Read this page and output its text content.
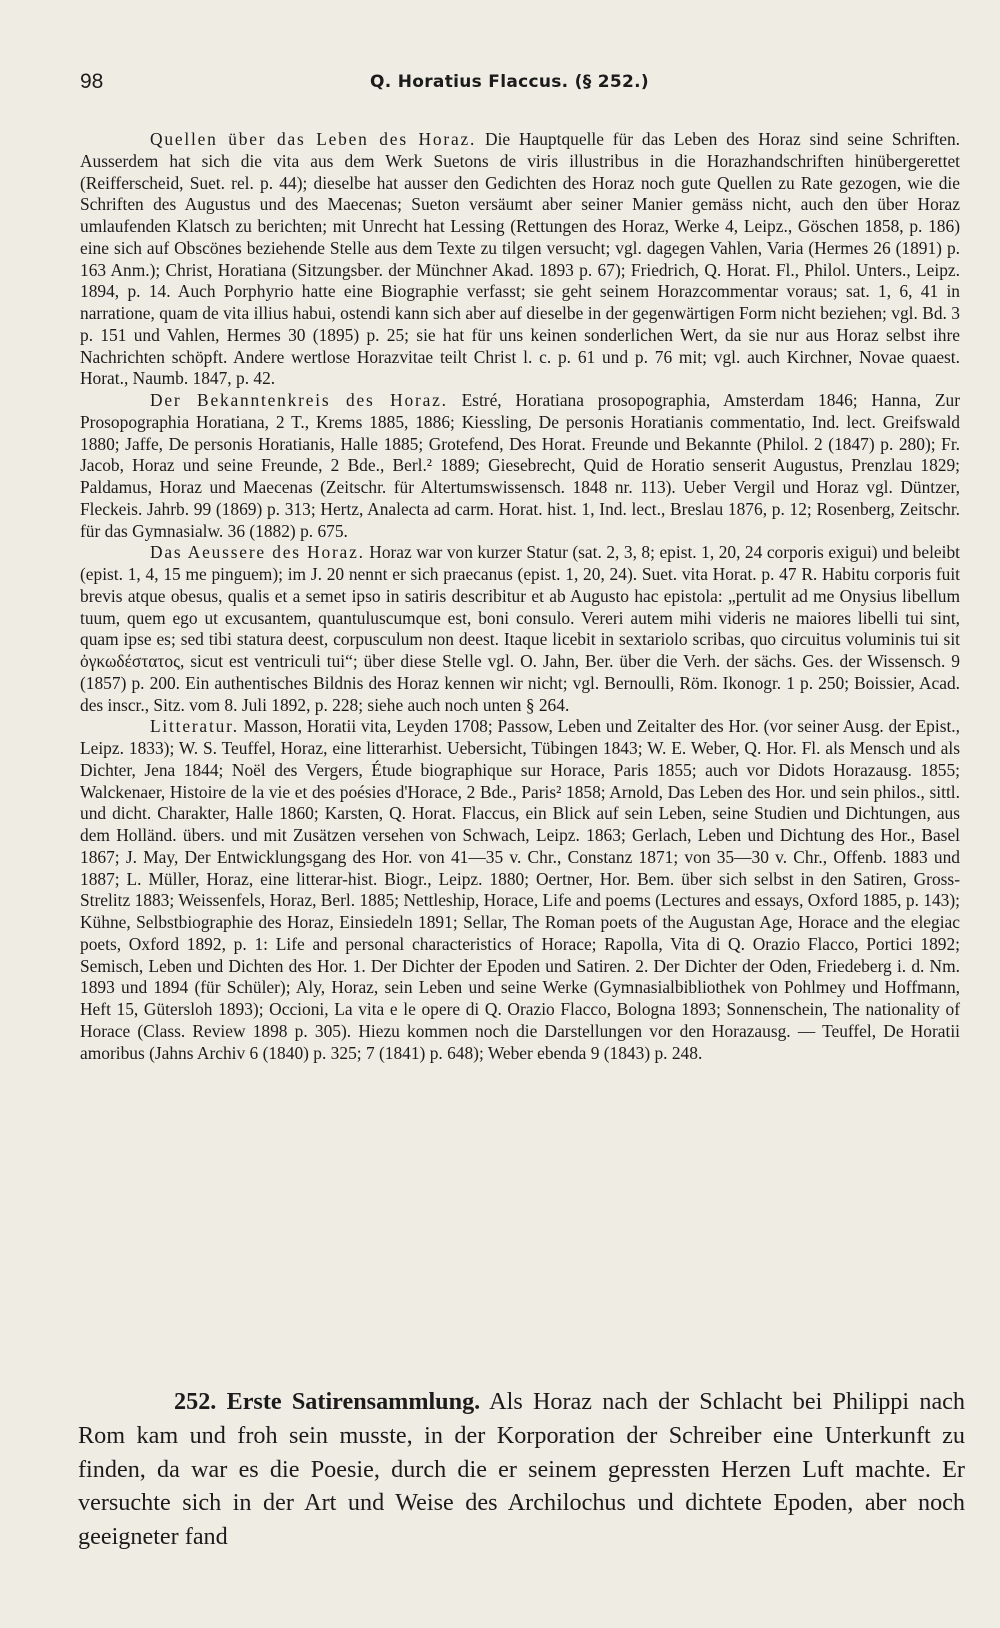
98	Q. Horatius Flaccus. (§ 252.)

Quellen über das Leben des Horaz. Die Hauptquelle für das Leben des Horaz sind seine Schriften. Ausserdem hat sich die vita aus dem Werk Suetons de viris illustribus in die Horazhandschriften hinübergerettet (Reifferscheid, Suet. rel. p. 44); dieselbe hat ausser den Gedichten des Horaz noch gute Quellen zu Rate gezogen, wie die Schriften des Augustus und des Maecenas; Sueton versäumt aber seiner Manier gemäss nicht, auch den über Horaz umlaufenden Klatsch zu berichten; mit Unrecht hat Lessing (Rettungen des Horaz, Werke 4, Leipz., Göschen 1858, p. 186) eine sich auf Obscönes beziehende Stelle aus dem Texte zu tilgen versucht; vgl. dagegen Vahlen, Varia (Hermes 26 (1891) p. 163 Anm.); Christ, Horatiana (Sitzungsber. der Münchner Akad. 1893 p. 67); Friedrich, Q. Horat. Fl., Philol. Unters., Leipz. 1894, p. 14. Auch Porphyrio hatte eine Biographie verfasst; sie geht seinem Horazcommentar voraus; sat. 1, 6, 41 in narratione, quam de vita illius habui, ostendi kann sich aber auf dieselbe in der gegenwärtigen Form nicht beziehen; vgl. Bd. 3 p. 151 und Vahlen, Hermes 30 (1895) p. 25; sie hat für uns keinen sonderlichen Wert, da sie nur aus Horaz selbst ihre Nachrichten schöpft. Andere wertlose Horazvitae teilt Christ l. c. p. 61 und p. 76 mit; vgl. auch Kirchner, Novae quaest. Horat., Naumb. 1847, p. 42.

Der Bekanntenkreis des Horaz. Estré, Horatiana prosopographia, Amsterdam 1846; Hanna, Zur Prosopographia Horatiana, 2 T., Krems 1885, 1886; Kiessling, De personis Horatianis commentatio, Ind. lect. Greifswald 1880; Jaffe, De personis Horatianis, Halle 1885; Grotefend, Des Horat. Freunde und Bekannte (Philol. 2 (1847) p. 280); Fr. Jacob, Horaz und seine Freunde, 2 Bde., Berl.² 1889; Giesebrecht, Quid de Horatio senserit Augustus, Prenzlau 1829; Paldamus, Horaz und Maecenas (Zeitschr. für Altertumswissensch. 1848 nr. 113). Ueber Vergil und Horaz vgl. Düntzer, Fleckeis. Jahrb. 99 (1869) p. 313; Hertz, Analecta ad carm. Horat. hist. 1, Ind. lect., Breslau 1876, p. 12; Rosenberg, Zeitschr. für das Gymnasialw. 36 (1882) p. 675.

Das Aeussere des Horaz. Horaz war von kurzer Statur (sat. 2, 3, 8; epist. 1, 20, 24 corporis exigui) und beleibt (epist. 1, 4, 15 me pinguem); im J. 20 nennt er sich praecanus (epist. 1, 20, 24). Suet. vita Horat. p. 47 R. Habitu corporis fuit brevis atque obesus, qualis et a semet ipso in satiris describitur et ab Augusto hac epistola: „pertulit ad me Onysius libellum tuum, quem ego ut excusantem, quantuluscumque est, boni consulo. Vereri autem mihi videris ne maiores libelli tui sint, quam ipse es; sed tibi statura deest, corpusculum non deest. Itaque licebit in sextariolo scribas, quo circuitus voluminis tui sit ὀγκωδέστατος, sicut est ventriculi tui“; über diese Stelle vgl. O. Jahn, Ber. über die Verh. der sächs. Ges. der Wissensch. 9 (1857) p. 200. Ein authentisches Bildnis des Horaz kennen wir nicht; vgl. Bernoulli, Röm. Ikonogr. 1 p. 250; Boissier, Acad. des inscr., Sitz. vom 8. Juli 1892, p. 228; siehe auch noch unten § 264.

Litteratur. Masson, Horatii vita, Leyden 1708; Passow, Leben und Zeitalter des Hor. (vor seiner Ausg. der Epist., Leipz. 1833); W. S. Teuffel, Horaz, eine litterarhist. Uebersicht, Tübingen 1843; W. E. Weber, Q. Hor. Fl. als Mensch und als Dichter, Jena 1844; Noël des Vergers, Étude biographique sur Horace, Paris 1855; auch vor Didots Horazausg. 1855; Walckenaer, Histoire de la vie et des poésies d'Horace, 2 Bde., Paris² 1858; Arnold, Das Leben des Hor. und sein philos., sittl. und dicht. Charakter, Halle 1860; Karsten, Q. Horat. Flaccus, ein Blick auf sein Leben, seine Studien und Dichtungen, aus dem Holländ. übers. und mit Zusätzen versehen von Schwach, Leipz. 1863; Gerlach, Leben und Dichtung des Hor., Basel 1867; J. May, Der Entwicklungsgang des Hor. von 41—35 v. Chr., Constanz 1871; von 35—30 v. Chr., Offenb. 1883 und 1887; L. Müller, Horaz, eine litterar-hist. Biogr., Leipz. 1880; Oertner, Hor. Bem. über sich selbst in den Satiren, Gross-Strelitz 1883; Weissenfels, Horaz, Berl. 1885; Nettleship, Horace, Life and poems (Lectures and essays, Oxford 1885, p. 143); Kühne, Selbstbiographie des Horaz, Einsiedeln 1891; Sellar, The Roman poets of the Augustan Age, Horace and the elegiac poets, Oxford 1892, p. 1: Life and personal characteristics of Horace; Rapolla, Vita di Q. Orazio Flacco, Portici 1892; Semisch, Leben und Dichten des Hor. 1. Der Dichter der Epoden und Satiren. 2. Der Dichter der Oden, Friedeberg i. d. Nm. 1893 und 1894 (für Schüler); Aly, Horaz, sein Leben und seine Werke (Gymnasialbibliothek von Pohlmey und Hoffmann, Heft 15, Gütersloh 1893); Occioni, La vita e le opere di Q. Orazio Flacco, Bologna 1893; Sonnenschein, The nationality of Horace (Class. Review 1898 p. 305). Hiezu kommen noch die Darstellungen vor den Horazausg. — Teuffel, De Horatii amoribus (Jahns Archiv 6 (1840) p. 325; 7 (1841) p. 648); Weber ebenda 9 (1843) p. 248.

252. Erste Satirensammlung. Als Horaz nach der Schlacht bei Philippi nach Rom kam und froh sein musste, in der Korporation der Schreiber eine Unterkunft zu finden, da war es die Poesie, durch die er seinem gepressten Herzen Luft machte. Er versuchte sich in der Art und Weise des Archilochus und dichtete Epoden, aber noch geeigneter fand
